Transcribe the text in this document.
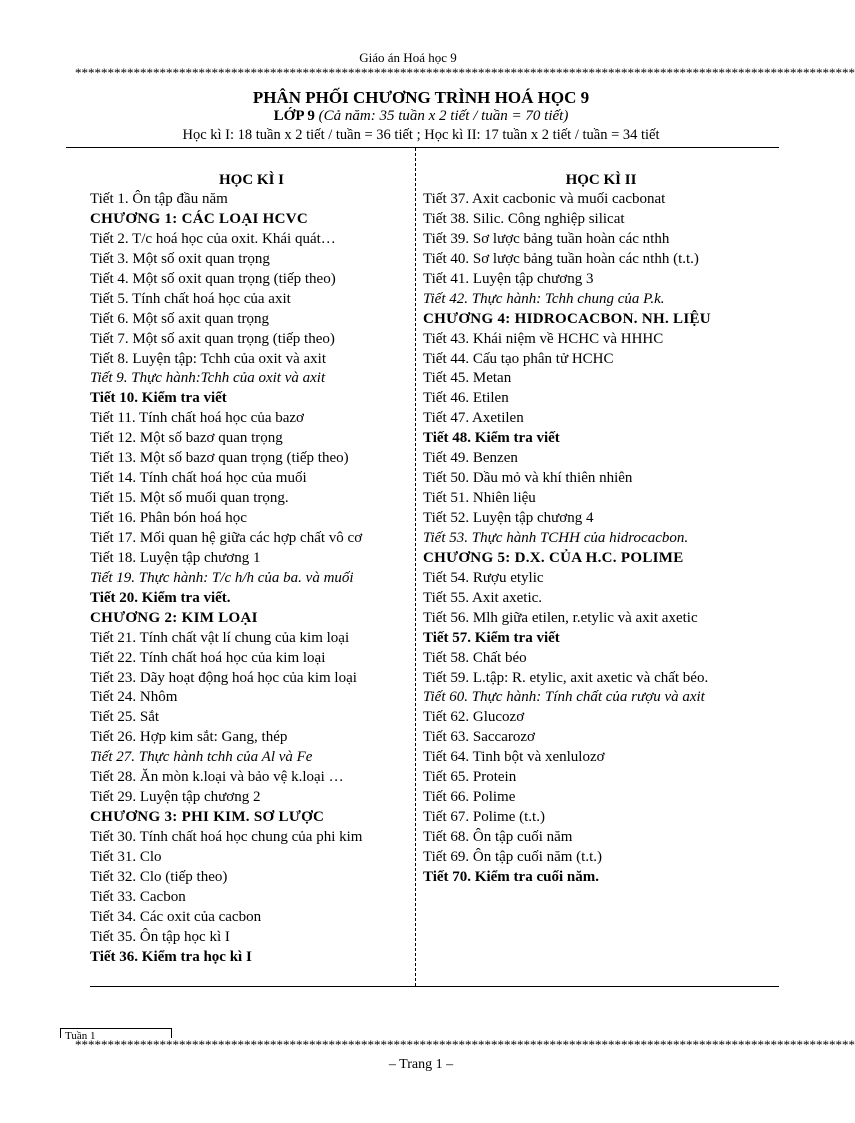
Giáo án Hoá học 9
************************************************************************************************************************
PHÂN PHỐI CHƯƠNG TRÌNH HOÁ HỌC 9
LỚP 9 (Cả năm: 35 tuần x 2 tiết / tuần = 70 tiết)
Học kì I: 18 tuần x 2 tiết / tuần = 36 tiết ; Học kì II: 17 tuần x 2 tiết / tuần = 34 tiết
HỌC KÌ I
Tiết 1. Ôn tập đầu năm
CHƯƠNG 1: CÁC LOẠI HCVC
Tiết 2. T/c hoá học của oxit. Khái quát…
Tiết 3. Một số oxit quan trọng
Tiết 4. Một số oxit quan trọng (tiếp theo)
Tiết 5. Tính chất hoá học của axit
Tiết 6. Một số axit quan trọng
Tiết 7. Một số axit quan trọng (tiếp theo)
Tiết 8. Luyện tập: Tchh của oxit và axit
Tiết 9. Thực hành:Tchh của oxit và axit
Tiết 10. Kiểm tra viết
Tiết 11. Tính chất hoá học của bazơ
Tiết 12. Một số bazơ quan trọng
Tiết 13. Một số bazơ quan trọng (tiếp theo)
Tiết 14. Tính chất hoá học của muối
Tiết 15. Một số muối quan trọng.
Tiết 16. Phân bón hoá học
Tiết 17. Mối quan hệ giữa các hợp chất vô cơ
Tiết 18. Luyện tập chương 1
Tiết 19. Thực hành: T/c h/h của ba. và muối
Tiết 20. Kiểm tra viết.
CHƯƠNG 2: KIM LOẠI
Tiết 21. Tính chất vật lí chung của kim loại
Tiết 22. Tính chất hoá học của kim loại
Tiết 23. Dãy hoạt động hoá học của kim loại
Tiết 24. Nhôm
Tiết 25. Sắt
Tiết 26. Hợp kim sắt: Gang, thép
Tiết 27. Thực hành tchh của Al và Fe
Tiết 28. Ăn mòn k.loại và bảo vệ k.loại …
Tiết 29. Luyện tập chương 2
CHƯƠNG 3: PHI KIM. SƠ LƯỢC
Tiết 30. Tính chất hoá học chung của phi kim
Tiết 31. Clo
Tiết 32. Clo (tiếp theo)
Tiết 33. Cacbon
Tiết 34. Các oxit của cacbon
Tiết 35. Ôn tập học kì I
Tiết 36. Kiểm tra học kì I
HỌC KÌ II
Tiết 37. Axit cacbonic và muối cacbonat
Tiết 38. Silic. Công nghiệp silicat
Tiết 39. Sơ lược bảng tuần hoàn các nthh
Tiết 40. Sơ lược bảng tuần hoàn các nthh (t.t.)
Tiết 41. Luyện tập chương 3
Tiết 42. Thực hành: Tchh chung của P.k.
CHƯƠNG 4: HIDROCACBON. NH. LIỆU
Tiết 43. Khái niệm về HCHC và HHHC
Tiết 44. Cấu tạo phân tử HCHC
Tiết 45. Metan
Tiết 46. Etilen
Tiết 47. Axetilen
Tiết 48. Kiểm tra viết
Tiết 49. Benzen
Tiết 50. Dầu mỏ và khí thiên nhiên
Tiết 51. Nhiên liệu
Tiết 52. Luyện tập chương 4
Tiết 53. Thực hành TCHH của hidrocacbon.
CHƯƠNG 5: D.X. CỦA H.C. POLIME
Tiết 54. Rượu etylic
Tiết 55. Axit axetic.
Tiết 56. Mlh giữa etilen, r.etylic và axit axetic
Tiết 57. Kiểm tra viết
Tiết 58. Chất béo
Tiết 59. L.tập: R. etylic, axit axetic và chất béo.
Tiết 60. Thực hành: Tính chất của rượu và axit
Tiết 62. Glucozơ
Tiết 63. Saccarozơ
Tiết 64. Tinh bột và xenlulozơ
Tiết 65. Protein
Tiết 66. Polime
Tiết 67. Polime (t.t.)
Tiết 68. Ôn tập cuối năm
Tiết 69. Ôn tập cuối năm (t.t.)
Tiết 70. Kiểm tra cuối năm.
Tuần 1
************************************************************************************************************************
– Trang 1 –
